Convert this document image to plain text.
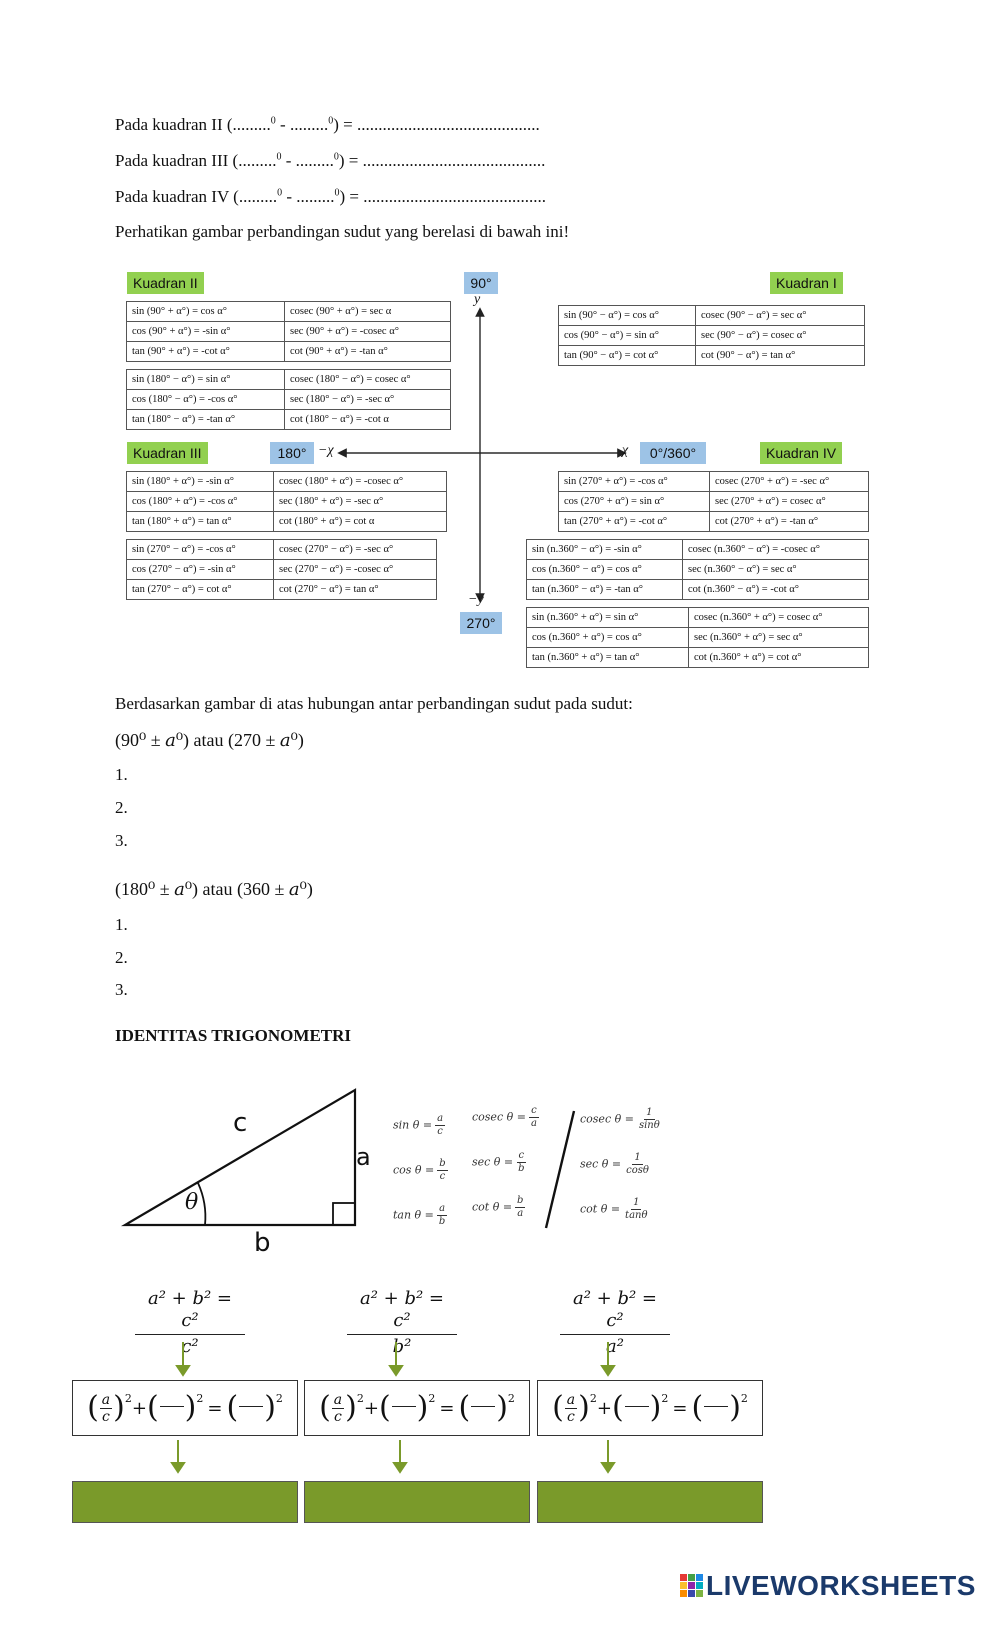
Pada kuadran II (.........$^0$ - .........$^0$) = ...........................................
Pada kuadran III (.........$^0$ - .........$^0$) = ...........................................
Pada kuadran IV (.........$^0$ - .........$^0$) = ...........................................
Perhatikan gambar perbandingan sudut yang berelasi di bawah ini!
Kuadran II	Kuadran I
Kuadran III	Kuadran IV
90°
180°
270°
0°/360°
y
−y
−χ	χ
sin (90° + α°) = cos α°	cosec (90° + α°) = sec α
cos (90° + α°) = -sin α°	sec (90° + α°) = -cosec α°
tan (90° + α°) = -cot α°	cot (90° + α°) = -tan α°
sin (180° − α°) = sin α°	cosec (180° − α°) = cosec α°
cos (180° − α°) = -cos α°	sec (180° − α°) = -sec α°
tan (180° − α°) = -tan α°	cot (180° − α°) = -cot α
sin (90° − α°) = cos α°	cosec (90° − α°) = sec α°
cos (90° − α°) = sin α°	sec (90° − α°) = cosec α°
tan (90° − α°) = cot α°	cot (90° − α°) = tan α°
sin (180° + α°) = -sin α°	cosec (180° + α°) = -cosec α°
cos (180° + α°) = -cos α°	sec (180° + α°) = -sec α°
tan (180° + α°) = tan α°	cot (180° + α°) = cot α
sin (270° − α°) = -cos α°	cosec (270° − α°) = -sec α°
cos (270° − α°) = -sin α°	sec (270° − α°) = -cosec α°
tan (270° − α°) = cot α°	cot (270° − α°) = tan α°
sin (270° + α°) = -cos α°	cosec (270° + α°) = -sec α°
cos (270° + α°) = sin α°	sec (270° + α°) = cosec α°
tan (270° + α°) = -cot α°	cot (270° + α°) = -tan α°
sin (n.360° − α°) = -sin α°	cosec (n.360° − α°) = -cosec α°
cos (n.360° − α°) = cos α°	sec (n.360° − α°) = sec α°
tan (n.360° − α°) = -tan α°	cot (n.360° − α°) = -cot α°
sin (n.360° + α°) = sin α°	cosec (n.360° + α°) = cosec α°
cos (n.360° + α°) = cos α°	sec (n.360° + α°) = sec α°
tan (n.360° + α°) = tan α°	cot (n.360° + α°) = cot α°
Berdasarkan gambar di atas hubungan antar perbandingan sudut pada sudut:
(90⁰ ± 𝑎⁰) atau (270 ± 𝑎⁰)
1.
2.
3.
(180⁰ ± 𝑎⁰) atau (360 ± 𝑎⁰)
1.
2.
3.
IDENTITAS TRIGONOMETRI
c
a
b
θ
$\sin \theta = \frac{a}{c}$
$\cos \theta = \frac{b}{c}$
$\tan \theta = \frac{a}{b}$
cosec $\theta = \frac{c}{a}$
$\sec \theta = \frac{c}{b}$
$\cot \theta = \frac{b}{a}$
cosec $\theta = \frac{1}{\sin\theta}$
$\sec \theta = \frac{1}{\cos\theta}$
$\cot \theta = \frac{1}{\tan\theta}$
a² + b² = c²
c²
a² + b² = c²
b²
a² + b² = c²
a²
( a
c )$^2$ + ( )$^2$ = ( )$^2$ ( a
c )$^2$ + ( )$^2$ = ( )$^2$ ( a
c )$^2$ + ( )$^2$ = ( )$^2$
LIVEWORKSHEETS
